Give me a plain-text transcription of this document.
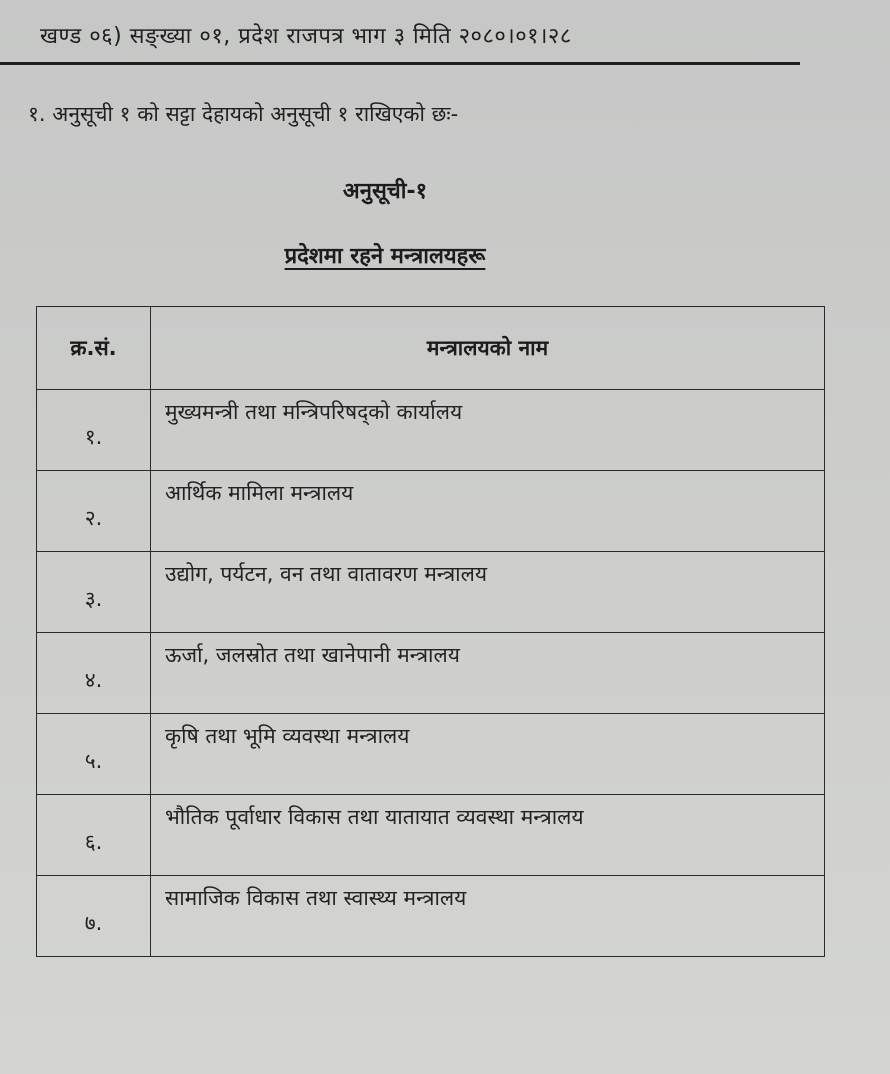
खण्ड ०६) सङ्ख्या ०१, प्रदेश राजपत्र भाग ३ मिति २०८०।०१।२८
१. अनुसूची १ को सट्टा देहायको अनुसूची १ राखिएको छः-
अनुसूची-१
प्रदेशमा रहने मन्त्रालयहरू
क्र.सं.	मन्त्रालयको नाम
१.	मुख्यमन्त्री तथा मन्त्रिपरिषद्को कार्यालय

२.	आर्थिक मामिला मन्त्रालय

३.	उद्योग, पर्यटन, वन तथा वातावरण मन्त्रालय

४.	ऊर्जा, जलस्रोत तथा खानेपानी मन्त्रालय

५.	कृषि तथा भूमि व्यवस्था मन्त्रालय

६.	भौतिक पूर्वाधार विकास तथा यातायात व्यवस्था मन्त्रालय

७.	सामाजिक विकास तथा स्वास्थ्य मन्त्रालय
